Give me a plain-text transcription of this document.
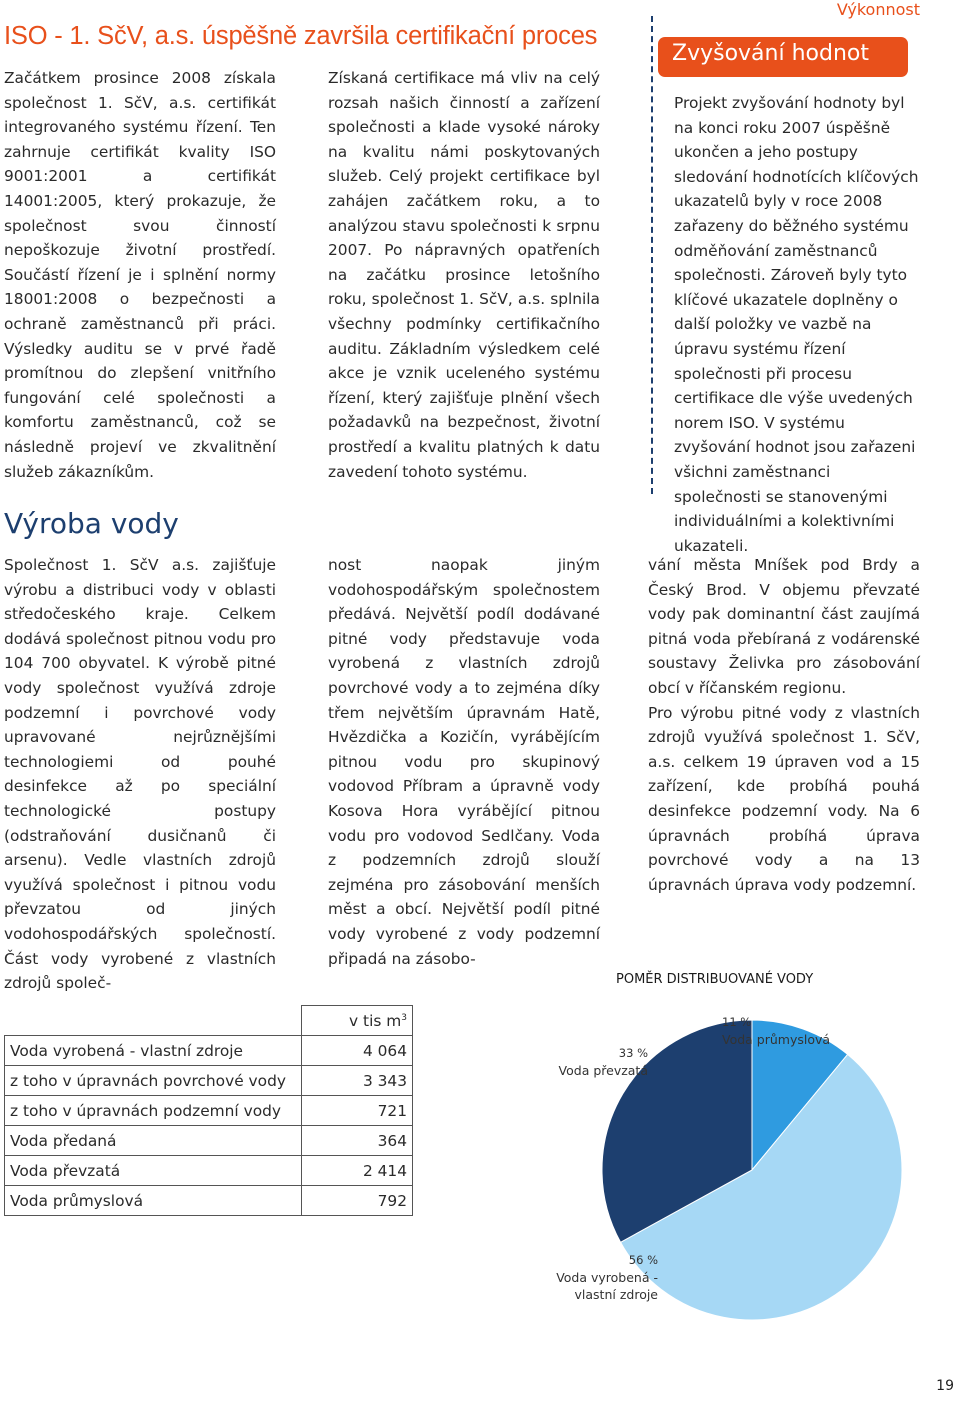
ISO - 1. SčV, a.s. úspěšně završila certifikační proces
Výkonnost

Začátkem prosince 2008 získala společnost 1. SčV, a.s. certifikát integrovaného systému řízení. Ten zahrnuje certifikát kvality ISO 9001:2001 a certifikát 14001:2005, který prokazuje, že společnost svou činností nepoškozuje životní prostředí. Součástí řízení je i splnění normy 18001:2008 o bezpečnosti a ochraně zaměstnanců při práci. Výsledky auditu se v prvé řadě promítnou do zlepšení vnitřního fungování celé společnosti a komfortu zaměstnanců, což se následně projeví ve zkvalitnění služeb zákazníkům.

Získaná certifikace má vliv na celý rozsah našich činností a zařízení společnosti a klade vysoké nároky na kvalitu námi poskytovaných služeb. Celý projekt certifikace byl zahájen začátkem roku, a to analýzou stavu společnosti k srpnu 2007. Po nápravných opatřeních na začátku prosince letošního roku, společnost 1. SčV, a.s. splnila všechny podmínky certifikačního auditu. Základním výsledkem celé akce je vznik uceleného systému řízení, který zajišťuje plnění všech požadavků na bezpečnost, životní prostředí a kvalitu platných k datu zavedení tohoto systému.

Zvyšování hodnot

Projekt zvyšování hodnoty byl na konci roku 2007 úspěšně ukončen a jeho postupy sledování hodnotících klíčových ukazatelů byly v roce 2008 zařazeny do běžného systému odměňování zaměstnanců společnosti. Zároveň byly tyto klíčové ukazatele doplněny o další položky ve vazbě na úpravu systému řízení společnosti při procesu certifikace dle výše uvedených norem ISO. V systému zvyšování hodnot jsou zařazeni všichni zaměstnanci společnosti se stanovenými individuálními a kolektivními ukazateli.

Výroba vody

Společnost 1. SčV a.s. zajišťuje výrobu a distribuci vody v oblasti středočeského kraje. Celkem dodává společnost pitnou vodu pro 104 700 obyvatel. K výrobě pitné vody společnost využívá zdroje podzemní i povrchové vody upravované nejrůznějšími technologiemi od pouhé desinfekce až po speciální technologické postupy (odstraňování dusičnanů či arsenu). Vedle vlastních zdrojů využívá společnost i pitnou vodu převzatou od jiných vodohospodářských společností. Část vody vyrobené z vlastních zdrojů společ-

nost naopak jiným vodohospodářským společnostem předává. Největší podíl dodávané pitné vody představuje voda vyrobená z vlastních zdrojů povrchové vody a to zejména díky třem největším úpravnám Hatě, Hvězdička a Kozičín, vyrábějícím pitnou vodu pro skupinový vodovod Příbram a úpravně vody Kosova Hora vyrábějící pitnou vodu pro vodovod Sedlčany. Voda z podzemních zdrojů slouží zejména pro zásobování menších měst a obcí. Největší podíl pitné vody vyrobené z vody podzemní připadá na zásobo-

vání města Mníšek pod Brdy a Český Brod. V objemu převzaté vody pak dominantní část zaujímá pitná voda přebíraná z vodárenské soustavy Želivka pro zásobování obcí v říčanském regionu.

Pro výrobu pitné vody z vlastních zdrojů využívá společnost 1. SčV, a.s. celkem 19 úpraven vod a 15 zařízení, kde probíhá pouhá desinfekce podzemní vody. Na 6 úpravnách probíhá úprava povrchové vody a na 13 úpravnách úprava vody podzemní.

	v tis $m^3$
Voda vyrobená - vlastní zdroje	4 064
z toho v úpravnách povrchové vody	3 343
z toho v úpravnách podzemní vody	721
Voda předaná	364
Voda převzatá	2 414
Voda průmyslová	792
POMĚR DISTRIBUOVANÉ VODY
33 %
Voda převzatá
11 %
Voda průmyslová
56 %
Voda vyrobená - vlastní zdroje
19
